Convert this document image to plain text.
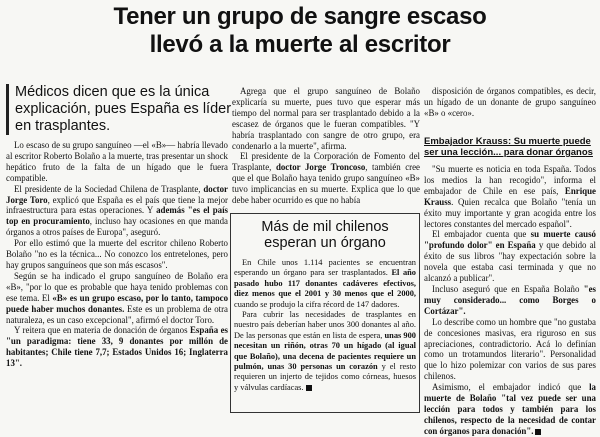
Tener un grupo de sangre escaso
llevó a la muerte al escritor
Médicos dicen que es la única explicación, pues España es líder en trasplantes.

Lo escaso de su grupo sanguíneo —el «B»— habría llevado al escritor Roberto Bolaño a la muerte, tras presentar un shock hepático fruto de la falta de un hígado que le fuera compatible.

El presidente de la Sociedad Chilena de Trasplante, doctor Jorge Toro, explicó que España es el país que tiene la mejor infraestructura para estas operaciones. Y además "es el país top en procuramiento, incluso hay ocasiones en que manda órganos a otros países de Europa", aseguró.

Por ello estimó que la muerte del escritor chileno Roberto Bolaño "no es la técnica... No conozco los entretelones, pero hay grupos sanguíneos que son más escasos".

Según se ha indicado el grupo sanguíneo de Bolaño era «B», "por lo que es probable que haya tenido problemas con ese tema. El «B» es un grupo escaso, por lo tanto, tampoco puede haber muchos donantes. Este es un problema de otra naturaleza, es un caso excepcional", afirmó el doctor Toro.

Y reitera que en materia de donación de órganos España es "un paradigma: tiene 33, 9 donantes por millón de habitantes; Chile tiene 7,7; Estados Unidos 16; Inglaterra 13".

Agrega que el grupo sanguíneo de Bolaño explicaría su muerte, pues tuvo que esperar más tiempo del normal para ser trasplantado debido a la escasez de órganos que le fueran compatibles. "Y habría trasplantado con sangre de otro grupo, era condenarlo a la muerte", afirma.

El presidente de la Corporación de Fomento del Trasplante, doctor Jorge Troncoso, también cree que el que Bolaño haya tenido grupo sanguíneo «B» tuvo implicancias en su muerte. Explica que lo que debe haber ocurrido es que no había

Más de mil chilenos
esperan un órgano

En Chile unos 1.114 pacientes se encuentran esperando un órgano para ser trasplantados. El año pasado hubo 117 donantes cadáveres efectivos, diez menos que el 2001 y 30 menos que el 2000, cuando se produjo la cifra récord de 147 dadores.

Para cubrir las necesidades de trasplantes en nuestro país deberían haber unos 300 donantes al año. De las personas que están en lista de espera, unas 900 necesitan un riñón, otras 70 un hígado (al igual que Bolaño), una decena de pacientes requiere un pulmón, unas 30 personas un corazón y el resto requieren un injerto de tejidos como córneas, huesos y válvulas cardíacas.

disposición de órganos compatibles, es decir, un hígado de un donante de grupo sanguíneo «B» o «cero».

Embajador Krauss: Su muerte puede ser una lección... para donar órganos

"Su muerte es noticia en toda España. Todos los medios la han recogido", informa el embajador de Chile en ese país, Enrique Krauss. Quien recalca que Bolaño "tenía un éxito muy importante y gran acogida entre los lectores constantes del mercado español".

El embajador cuenta que su muerte causó "profundo dolor" en España y que debido al éxito de sus libros "hay expectación sobre la novela que estaba casi terminada y que no alcanzó a publicar".

Incluso aseguró que en España Bolaño "es muy considerado... como Borges o Cortázar".

Lo describe como un hombre que "no gustaba de concesiones masivas, era riguroso en sus apreciaciones, contradictorio. Acá lo definían como un trotamundos literario". Personalidad que lo hizo polemizar con varios de sus pares chilenos.

Asimismo, el embajador indicó que la muerte de Bolaño "tal vez puede ser una lección para todos y también para los chilenos, respecto de la necesidad de contar con órganos para donación".
